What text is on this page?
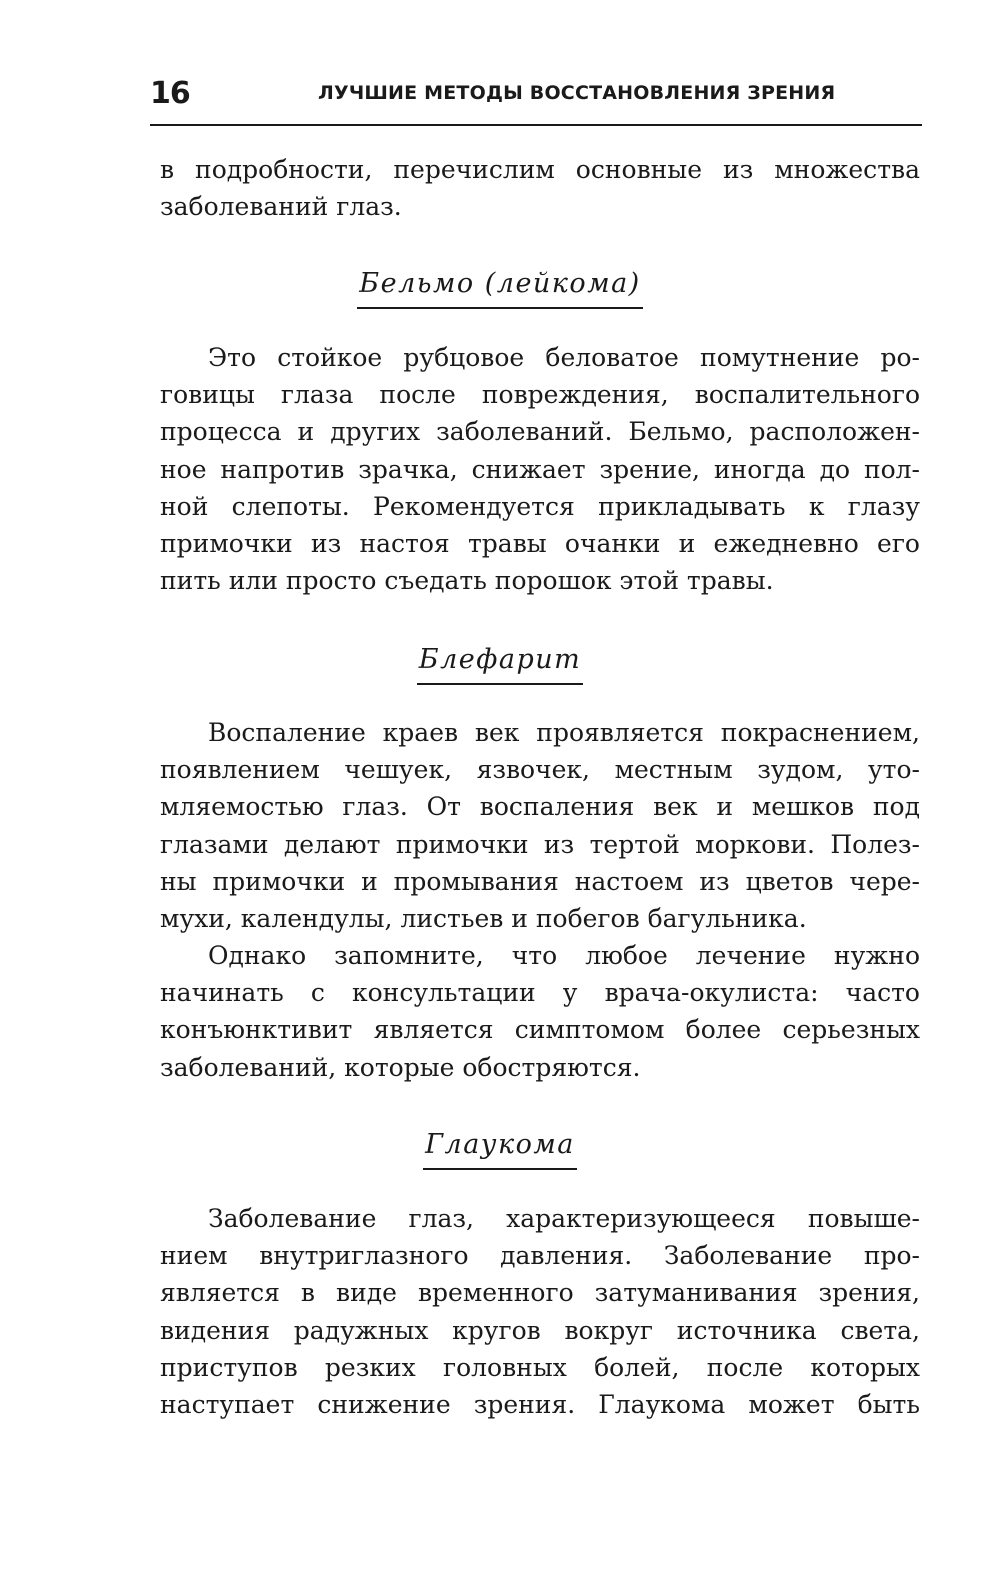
16	ЛУЧШИЕ МЕТОДЫ ВОССТАНОВЛЕНИЯ ЗРЕНИЯ
в подробности, перечислим основные из множества
заболеваний глаз.
Бельмо (лейкома)
Это стойкое рубцовое беловатое помутнение ро-
говицы глаза после повреждения, воспалительного
процесса и других заболеваний. Бельмо, расположен-
ное напротив зрачка, снижает зрение, иногда до пол-
ной слепоты. Рекомендуется прикладывать к глазу
примочки из настоя травы очанки и ежедневно его
пить или просто съедать порошок этой травы.
Блефарит
Воспаление краев век проявляется покраснением,
появлением чешуек, язвочек, местным зудом, уто-
мляемостью глаз. От воспаления век и мешков под
глазами делают примочки из тертой моркови. Полез-
ны примочки и промывания настоем из цветов чере-
мухи, календулы, листьев и побегов багульника.
Однако запомните, что любое лечение нужно
начинать с консультации у врача-окулиста: часто
конъюнктивит является симптомом более серьезных
заболеваний, которые обостряются.
Глаукома
Заболевание глаз, характеризующееся повыше-
нием внутриглазного давления. Заболевание про-
является в виде временного затуманивания зрения,
видения радужных кругов вокруг источника света,
приступов резких головных болей, после которых
наступает снижение зрения. Глаукома может быть
